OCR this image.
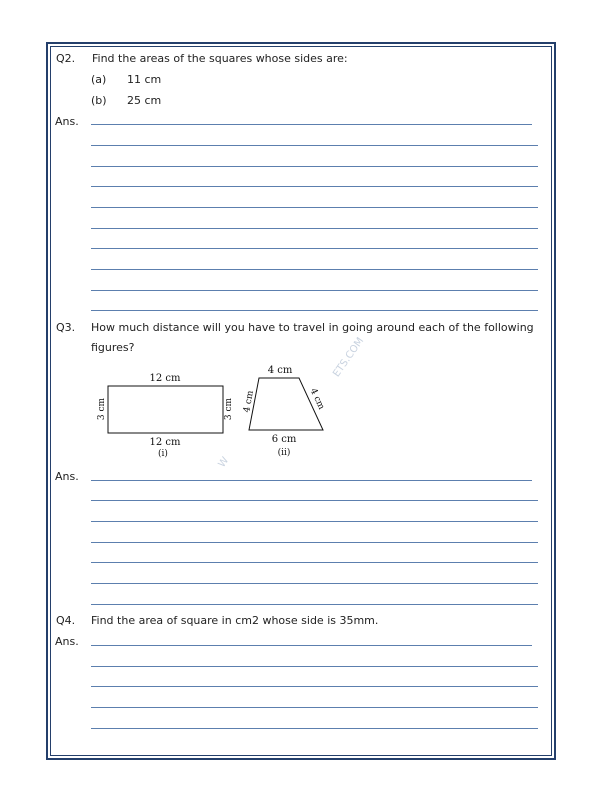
Q2. Find the areas of the squares whose sides are:
(a) 11 cm
(b) 25 cm
Ans.
Q3. How much distance will you have to travel in going around each of the following
figures?
12 cm
12 cm
(i)
3 cm	3 cm
4 cm
6 cm
(ii)
4 cm	4 cm
W
ETS.COM
Ans.
Q4. Find the area of square in cm2 whose side is 35mm.
Ans.
